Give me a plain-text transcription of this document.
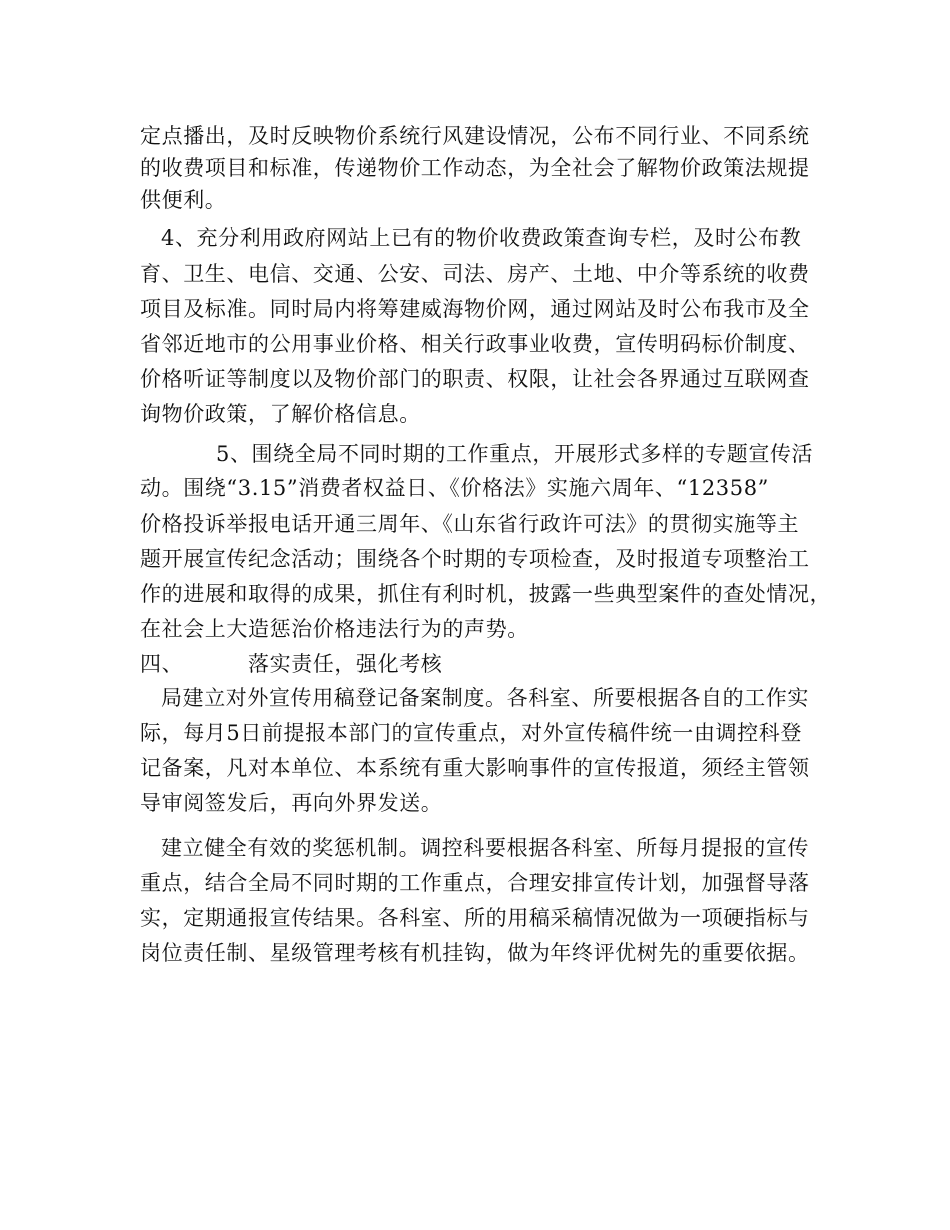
定点播出，及时反映物价系统行风建设情况，公布不同行业、不同系统
的收费项目和标准，传递物价工作动态，为全社会了解物价政策法规提
供便利。
4、充分利用政府网站上已有的物价收费政策查询专栏，及时公布教
育、卫生、电信、交通、公安、司法、房产、土地、中介等系统的收费
项目及标准。同时局内将筹建威海物价网，通过网站及时公布我市及全
省邻近地市的公用事业价格、相关行政事业收费，宣传明码标价制度、
价格听证等制度以及物价部门的职责、权限，让社会各界通过互联网查
询物价政策，了解价格信息。
5、围绕全局不同时期的工作重点，开展形式多样的专题宣传活
动。围绕“3.15”消费者权益日、《价格法》实施六周年、“12358”
价格投诉举报电话开通三周年、《山东省行政许可法》的贯彻实施等主
题开展宣传纪念活动；围绕各个时期的专项检查，及时报道专项整治工
作的进展和取得的成果，抓住有利时机，披露一些典型案件的查处情况，
在社会上大造惩治价格违法行为的声势。
四、	落实责任，强化考核
局建立对外宣传用稿登记备案制度。各科室、所要根据各自的工作实
际，每月5日前提报本部门的宣传重点，对外宣传稿件统一由调控科登
记备案，凡对本单位、本系统有重大影响事件的宣传报道，须经主管领
导审阅签发后，再向外界发送。
建立健全有效的奖惩机制。调控科要根据各科室、所每月提报的宣传
重点，结合全局不同时期的工作重点，合理安排宣传计划，加强督导落
实，定期通报宣传结果。各科室、所的用稿采稿情况做为一项硬指标与
岗位责任制、星级管理考核有机挂钩，做为年终评优树先的重要依据。
